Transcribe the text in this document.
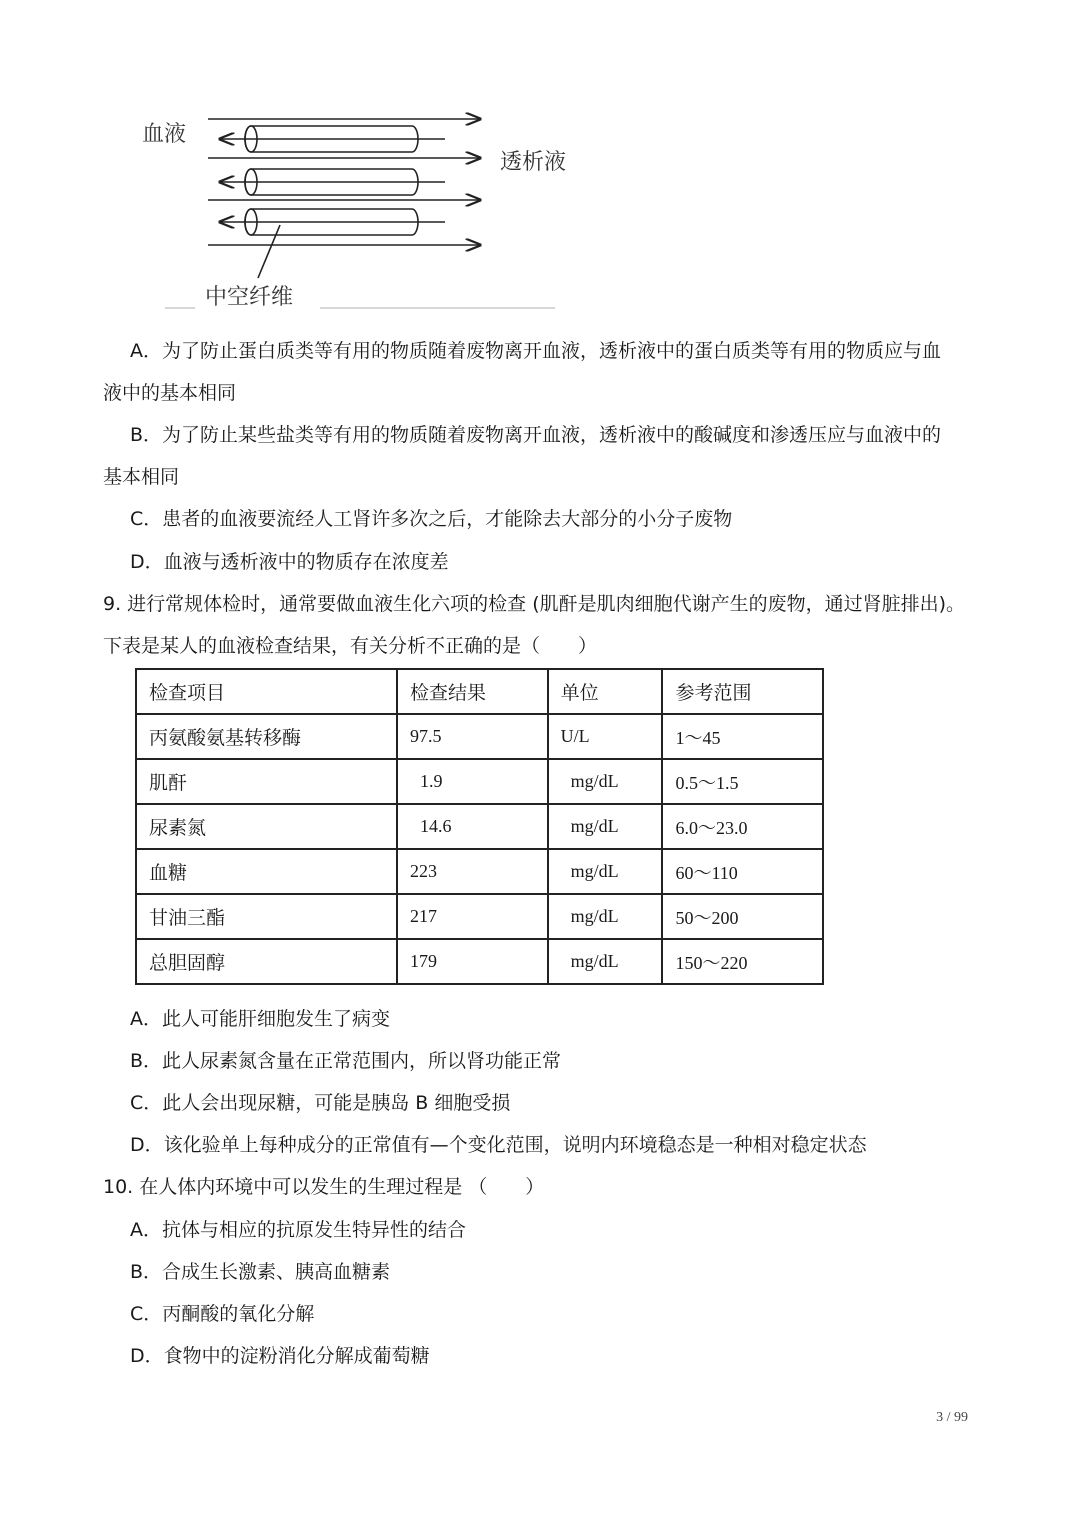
血液
透析液
中空纤维
A．为了防止蛋白质类等有用的物质随着废物离开血液，透析液中的蛋白质类等有用的物质应与血
液中的基本相同
B．为了防止某些盐类等有用的物质随着废物离开血液，透析液中的酸碱度和渗透压应与血液中的
基本相同
C．患者的血液要流经人工肾许多次之后，才能除去大部分的小分子废物
D．血液与透析液中的物质存在浓度差
9. 进行常规体检时，通常要做血液生化六项的检查 (肌酐是肌肉细胞代谢产生的废物，通过肾脏排出)。
下表是某人的血液检查结果，有关分析不正确的是（　　）
检查项目	检查结果	单位	参考范围
丙氨酸氨基转移酶	97.5	U/L	1～45
肌酐	1.9	mg/dL	0.5～1.5
尿素氮	14.6	mg/dL	6.0～23.0
血糖	223	mg/dL	60～110
甘油三酯	217	mg/dL	50～200
总胆固醇	179	mg/dL	150～220
A．此人可能肝细胞发生了病变
B．此人尿素氮含量在正常范围内，所以肾功能正常
C．此人会出现尿糖，可能是胰岛 B 细胞受损
D．该化验单上每种成分的正常值有—个变化范围，说明内环境稳态是一种相对稳定状态
10. 在人体内环境中可以发生的生理过程是 （　　）
A．抗体与相应的抗原发生特异性的结合
B．合成生长激素、胰高血糖素
C．丙酮酸的氧化分解
D．食物中的淀粉消化分解成葡萄糖
3 / 99
